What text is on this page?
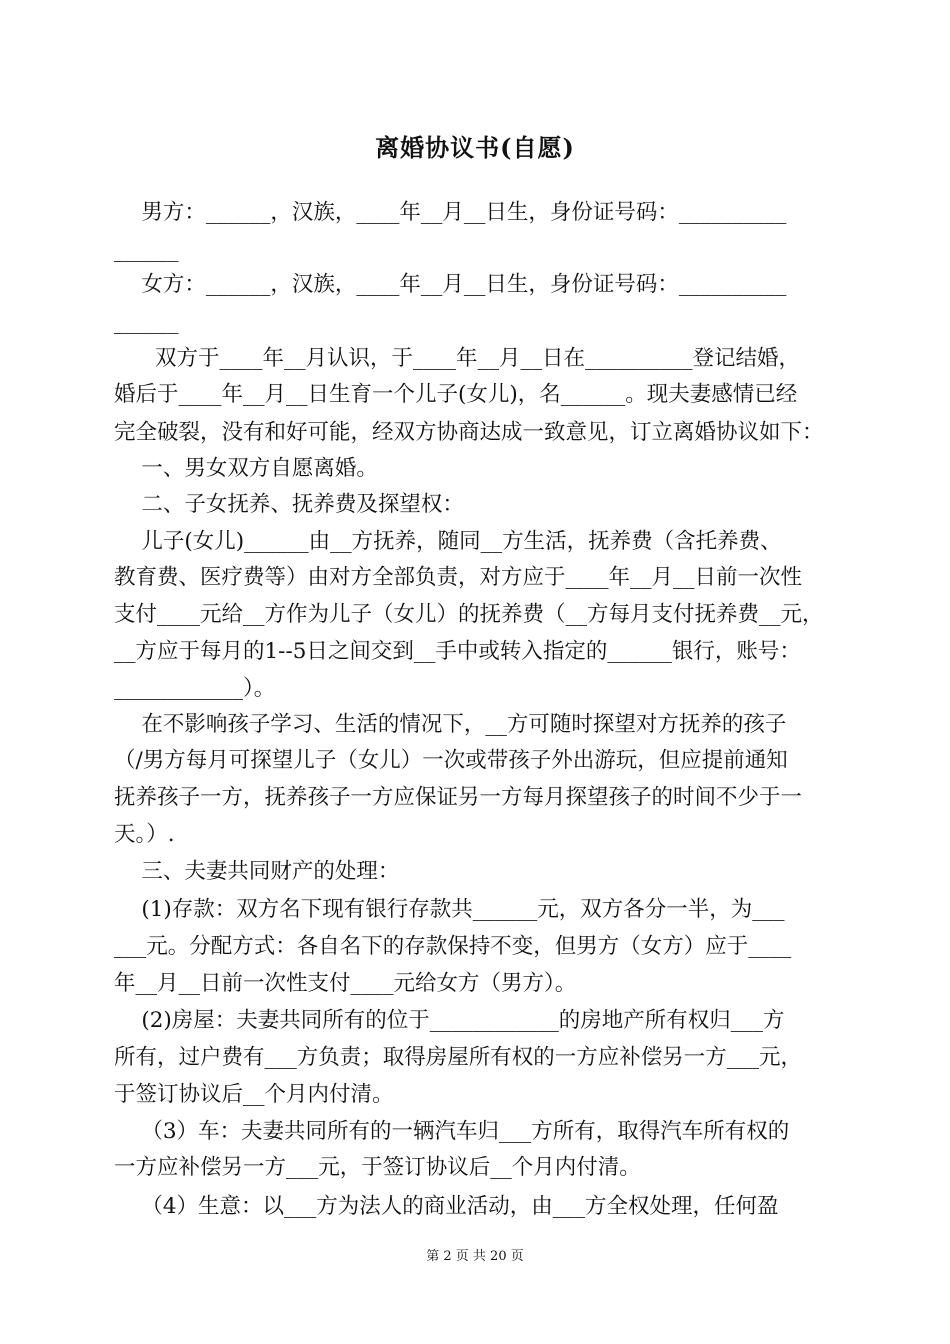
离婚协议书(自愿)
男方：______，汉族，____年__月__日生，身份证号码：__________
______
女方：______，汉族，____年__月__日生，身份证号码：__________
______
双方于____年__月认识，于____年__月__日在__________登记结婚，
婚后于____年__月__日生育一个儿子(女儿)，名______。现夫妻感情已经
完全破裂，没有和好可能，经双方协商达成一致意见，订立离婚协议如下：
一、男女双方自愿离婚。
二、子女抚养、抚养费及探望权：
儿子(女儿)______由__方抚养，随同__方生活，抚养费（含托养费、
教育费、医疗费等）由对方全部负责，对方应于____年__月__日前一次性
支付____元给__方作为儿子（女儿）的抚养费（__方每月支付抚养费__元，
__方应于每月的1--5日之间交到__手中或转入指定的______银行，账号：
____________）。
在不影响孩子学习、生活的情况下，__方可随时探望对方抚养的孩子
（/男方每月可探望儿子（女儿）一次或带孩子外出游玩，但应提前通知
抚养孩子一方，抚养孩子一方应保证另一方每月探望孩子的时间不少于一
天。）.
三、夫妻共同财产的处理：
(1)存款：双方名下现有银行存款共______元，双方各分一半，为___
___元。分配方式：各自名下的存款保持不变，但男方（女方）应于____
年__月__日前一次性支付____元给女方（男方）。
(2)房屋：夫妻共同所有的位于____________的房地产所有权归___方
所有，过户费有___方负责；取得房屋所有权的一方应补偿另一方___元，
于签订协议后__个月内付清。
（3）车：夫妻共同所有的一辆汽车归___方所有，取得汽车所有权的
一方应补偿另一方___元，于签订协议后__个月内付清。
（4）生意：以___方为法人的商业活动，由___方全权处理，任何盈
第 2 页 共 20 页
